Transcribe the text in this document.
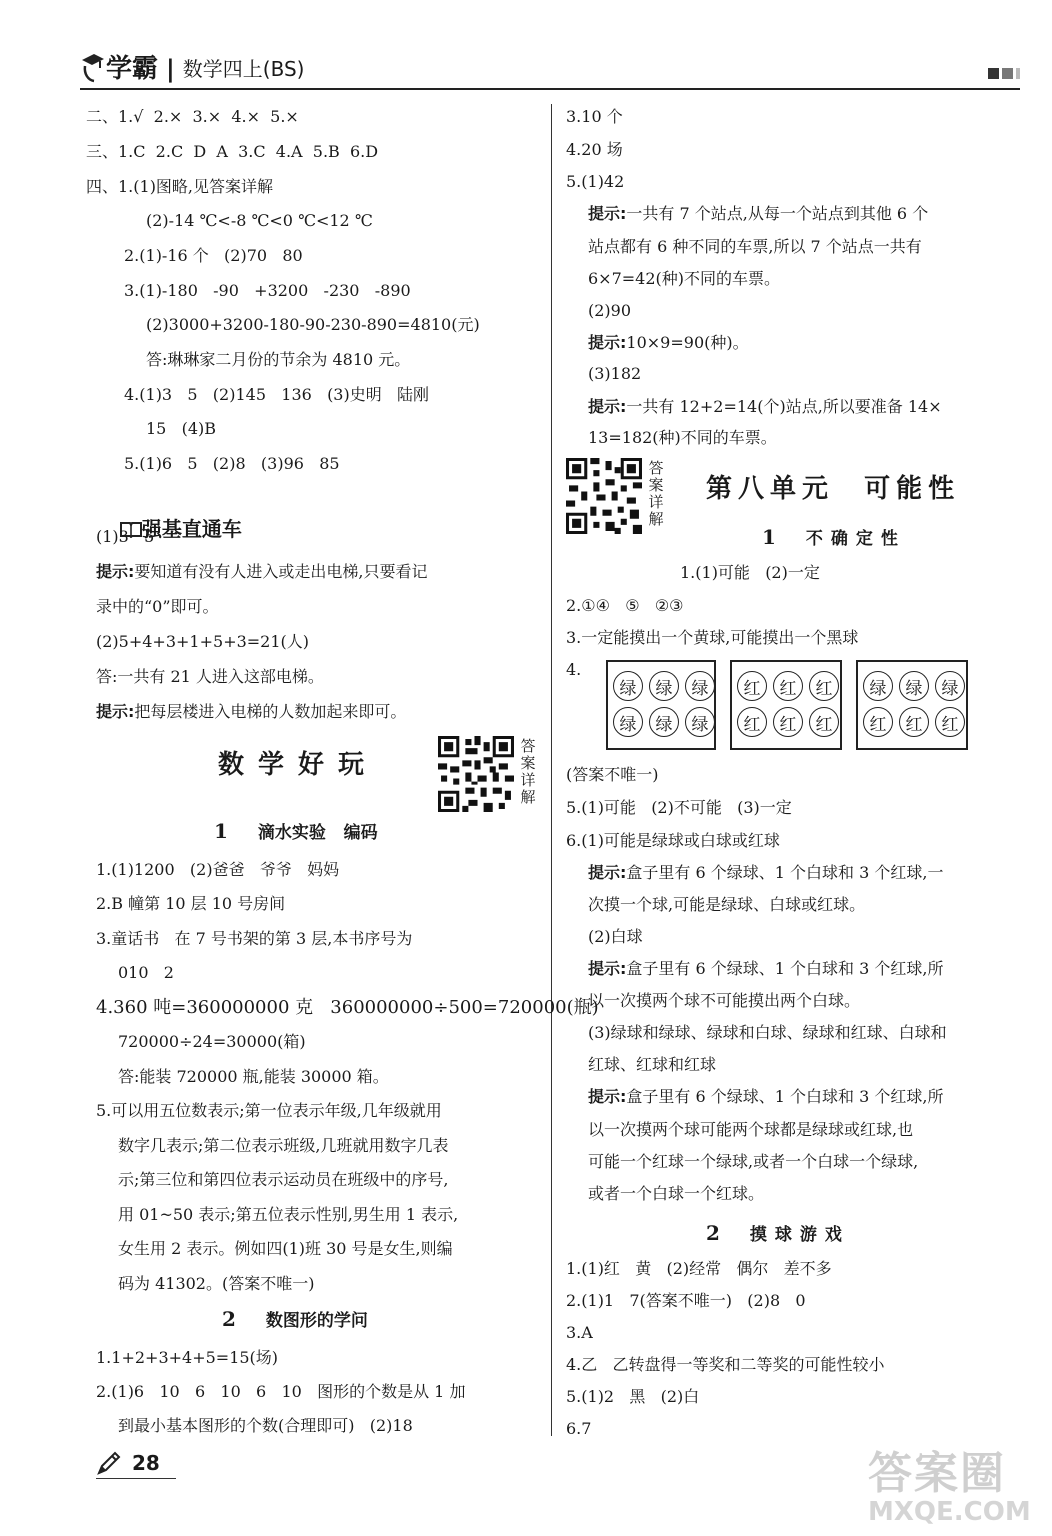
学霸 | 数学四上(BS)
二、1.√  2.×  3.×  4.×  5.×
三、1.C  2.C  D  A  3.C  4.A  5.B  6.D
四、1.(1)图略,见答案详解
(2)-14 ℃<-8 ℃<0 ℃<12 ℃
2.(1)-16 个   (2)70   80
3.(1)-180   -90   +3200   -230   -890
(2)3000+3200-180-90-230-890=4810(元)
答:琳琳家二月份的节余为 4810 元。
4.(1)3   5   (2)145   136   (3)史明   陆刚
15   (4)B
5.(1)6   5   (2)8   (3)96   85

强基直通车

(1)3   5
提示:要知道有没有人进入或走出电梯,只要看记
录中的“0”即可。
(2)5+4+3+1+5+3=21(人)
答:一共有 21 人进入这部电梯。
提示:把每层楼进入电梯的人数加起来即可。
数学好玩
答案详解
1 滴水实验   编码
1.(1)1200   (2)爸爸   爷爷   妈妈
2.B 幢第 10 层 10 号房间
3.童话书   在 7 号书架的第 3 层,本书序号为
010   2
4.360 吨=360000000 克   360000000÷500=720000(瓶)
720000÷24=30000(箱)
答:能装 720000 瓶,能装 30000 箱。
5.可以用五位数表示;第一位表示年级,几年级就用
数字几表示;第二位表示班级,几班就用数字几表
示;第三位和第四位表示运动员在班级中的序号,
用 01~50 表示;第五位表示性别,男生用 1 表示,
女生用 2 表示。例如四(1)班 30 号是女生,则编
码为 41302。(答案不唯一)
2 数图形的学问
1.1+2+3+4+5=15(场)
2.(1)6   10   6   10   6   10   图形的个数是从 1 加
到最小基本图形的个数(合理即可)   (2)18
3.10 个
4.20 场
5.(1)42
提示:一共有 7 个站点,从每一个站点到其他 6 个
站点都有 6 种不同的车票,所以 7 个站点一共有
6×7=42(种)不同的车票。
(2)90
提示:10×9=90(种)。
(3)182
提示:一共有 12+2=14(个)站点,所以要准备 14×
13=182(种)不同的车票。
答案详解
第八单元  可能性
1 不确定性
1.(1)可能   (2)一定
2.①④   ⑤   ②③
3.一定能摸出一个黄球,可能摸出一个黑球
4.
绿	绿	绿
绿	绿	绿
红	红	红
红	红	红
绿	绿	绿
红	红	红
(答案不唯一)
5.(1)可能   (2)不可能   (3)一定
6.(1)可能是绿球或白球或红球
提示:盒子里有 6 个绿球、1 个白球和 3 个红球,一
次摸一个球,可能是绿球、白球或红球。
(2)白球
提示:盒子里有 6 个绿球、1 个白球和 3 个红球,所
以一次摸两个球不可能摸出两个白球。
(3)绿球和绿球、绿球和白球、绿球和红球、白球和
红球、红球和红球
提示:盒子里有 6 个绿球、1 个白球和 3 个红球,所
以一次摸两个球可能两个球都是绿球或红球,也
可能一个红球一个绿球,或者一个白球一个绿球,
或者一个白球一个红球。
2 摸球游戏
1.(1)红   黄   (2)经常   偶尔   差不多
2.(1)1   7(答案不唯一)   (2)8   0
3.A
4.乙   乙转盘得一等奖和二等奖的可能性较小
5.(1)2   黑   (2)白
6.7
28	答案圈
MXQE.COM
